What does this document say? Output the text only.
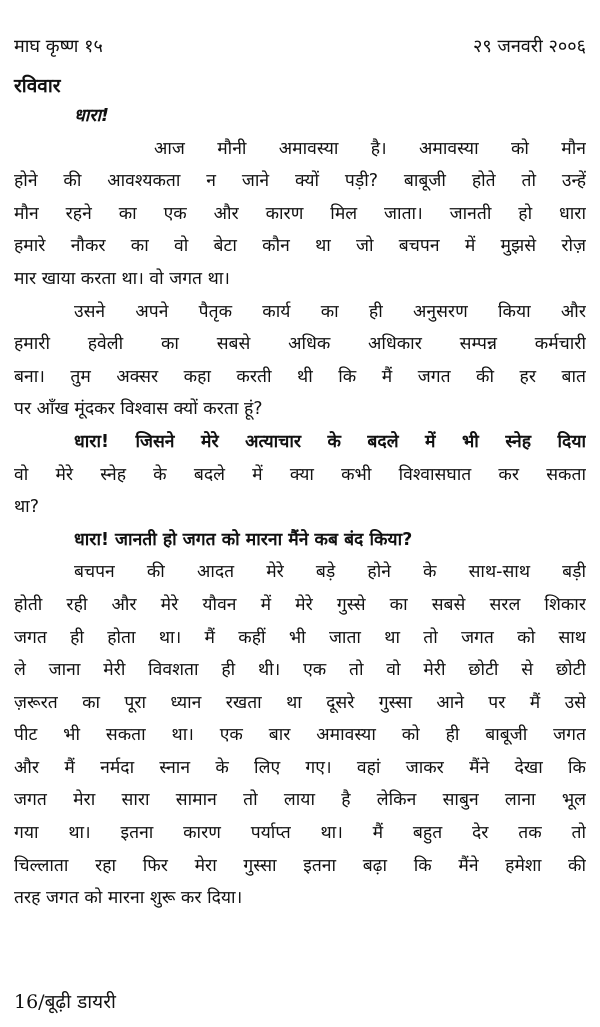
माघ कृष्ण १५	२९ जनवरी २००६
रविवार
धारा!
आज मौनी अमावस्या है। अमावस्या को मौन
होने की आवश्यकता न जाने क्यों पड़ी? बाबूजी होते तो उन्हें
मौन रहने का एक और कारण मिल जाता। जानती हो धारा
हमारे नौकर का वो बेटा कौन था जो बचपन में मुझसे रोज़
मार खाया करता था। वो जगत था।
उसने अपने पैतृक कार्य का ही अनुसरण किया और
हमारी हवेली का सबसे अधिक अधिकार सम्पन्न कर्मचारी
बना। तुम अक्सर कहा करती थी कि मैं जगत की हर बात
पर आँख मूंदकर विश्वास क्यों करता हूं?
धारा! जिसने मेरे अत्याचार के बदले में भी स्नेह दिया
वो मेरे स्नेह के बदले में क्या कभी विश्वासघात कर सकता
था?
धारा! जानती हो जगत को मारना मैंने कब बंद किया?
बचपन की आदत मेरे बड़े होने के साथ-साथ बड़ी
होती रही और मेरे यौवन में मेरे गुस्से का सबसे सरल शिकार
जगत ही होता था। मैं कहीं भी जाता था तो जगत को साथ
ले जाना मेरी विवशता ही थी। एक तो वो मेरी छोटी से छोटी
ज़रूरत का पूरा ध्यान रखता था दूसरे गुस्सा आने पर मैं उसे
पीट भी सकता था। एक बार अमावस्या को ही बाबूजी जगत
और मैं नर्मदा स्नान के लिए गए। वहां जाकर मैंने देखा कि
जगत मेरा सारा सामान तो लाया है लेकिन साबुन लाना भूल
गया था। इतना कारण पर्याप्त था। मैं बहुत देर तक तो
चिल्लाता रहा फिर मेरा गुस्सा इतना बढ़ा कि मैंने हमेशा की
तरह जगत को मारना शुरू कर दिया।
16/बूढ़ी डायरी
